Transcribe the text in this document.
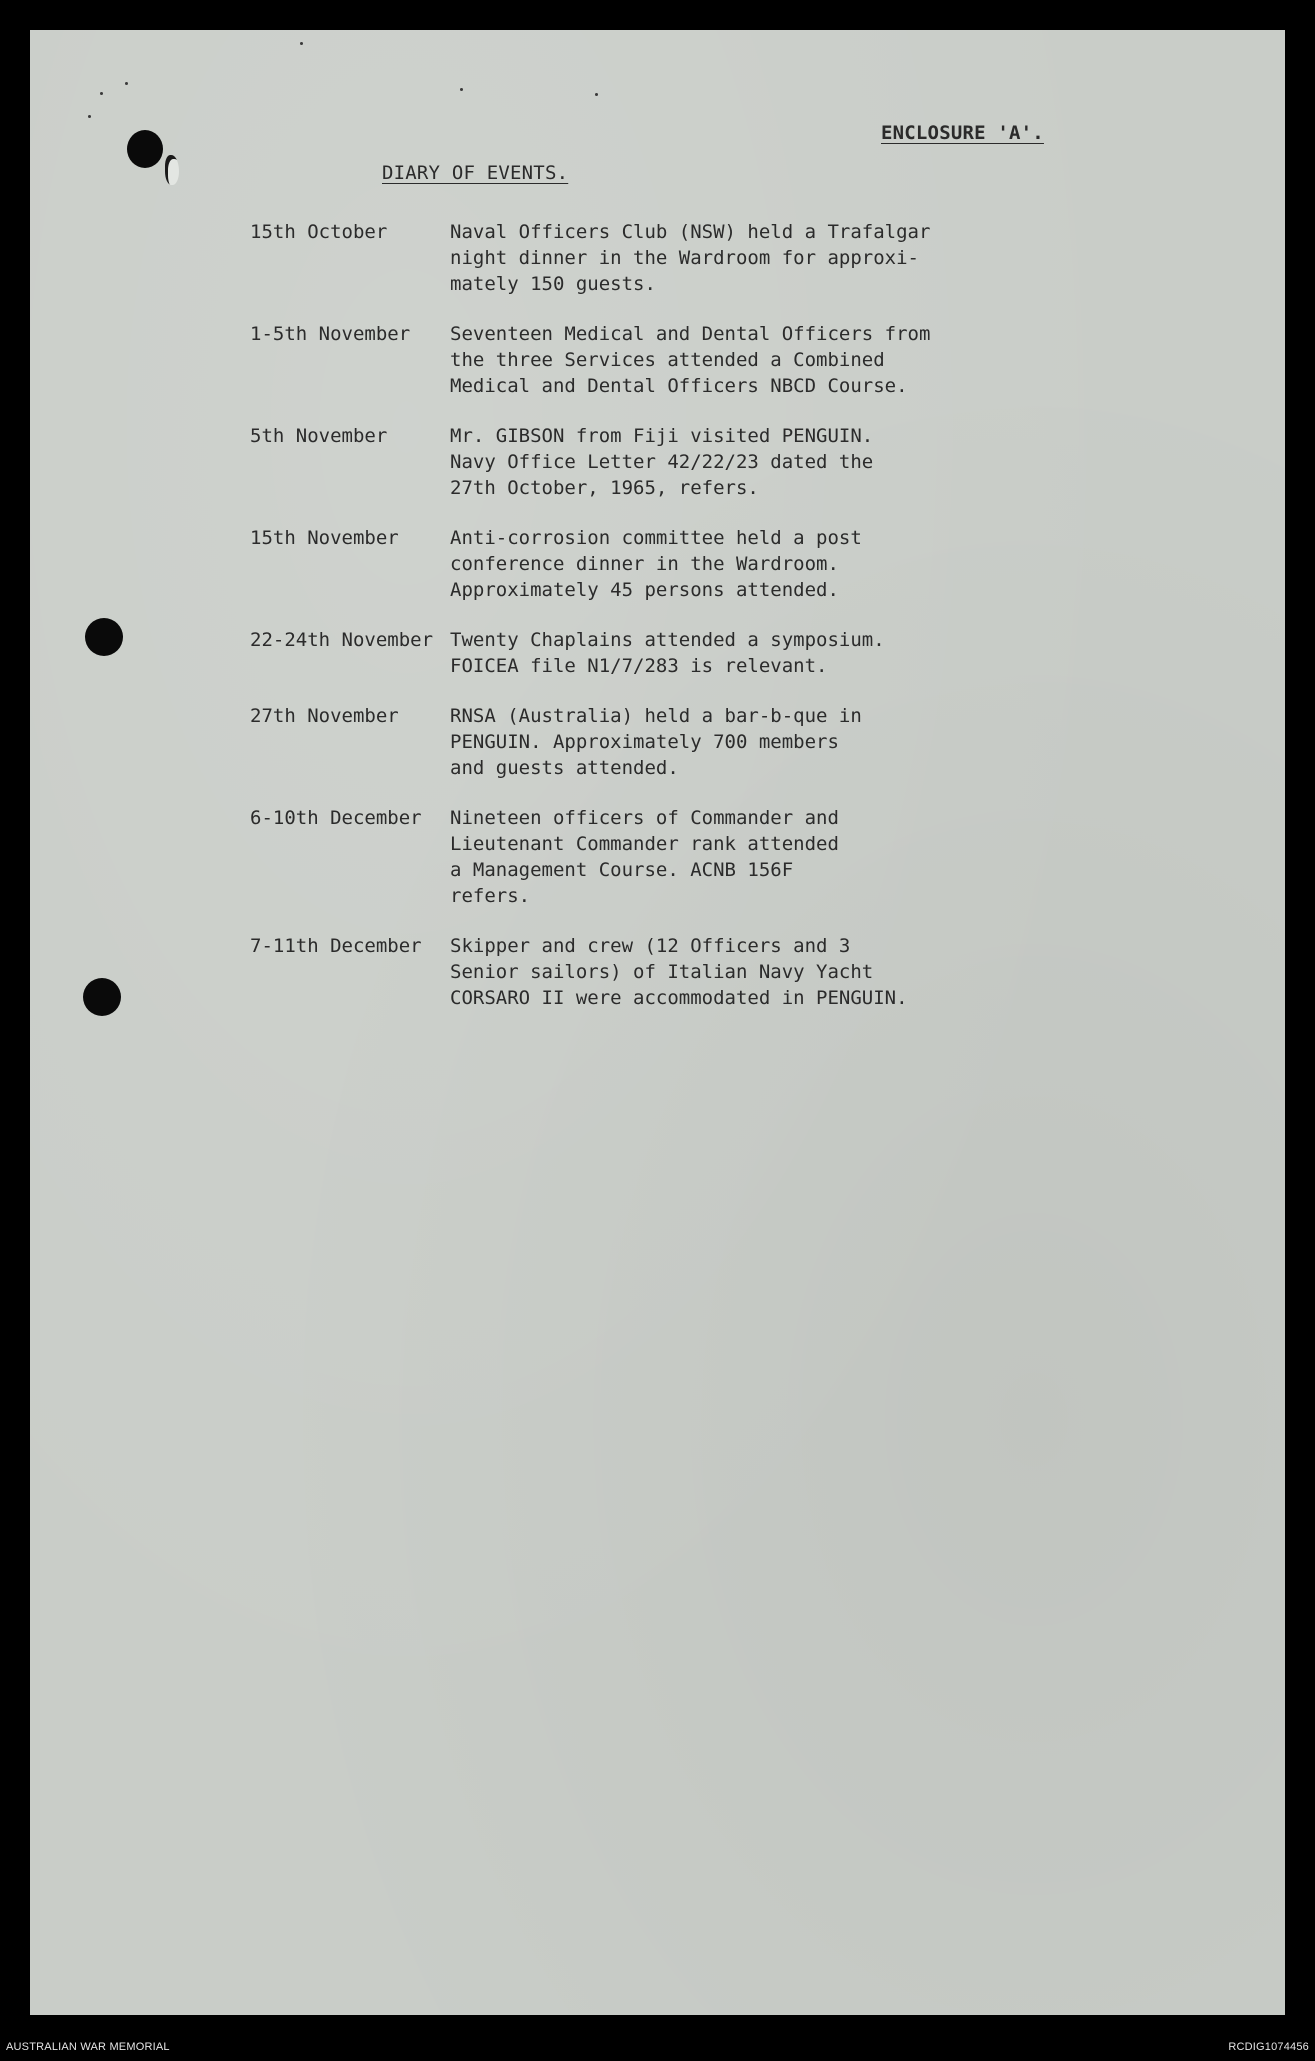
ENCLOSURE 'A'.
DIARY OF EVENTS.
15th October	Naval Officers Club (NSW) held a Trafalgar
night dinner in the Wardroom for approxi-
mately 150 guests.
1-5th November Seventeen Medical and Dental Officers from
the three Services attended a Combined
Medical and Dental Officers NBCD Course.
5th November	Mr. GIBSON from Fiji visited PENGUIN.
Navy Office Letter 42/22/23 dated the
27th October, 1965, refers.
15th November	Anti-corrosion committee held a post
conference dinner in the Wardroom.
Approximately 45 persons attended.
22-24th November Twenty Chaplains attended a symposium.
FOICEA file N1/7/283 is relevant.
27th November	RNSA (Australia) held a bar-b-que in
PENGUIN. Approximately 700 members
and guests attended.
6-10th December Nineteen officers of Commander and
Lieutenant Commander rank attended
a Management Course. ACNB 156F
refers.
7-11th December Skipper and crew (12 Officers and 3
Senior sailors) of Italian Navy Yacht
CORSARO II were accommodated in PENGUIN.
AUSTRALIAN WAR MEMORIAL	RCDIG1074456
